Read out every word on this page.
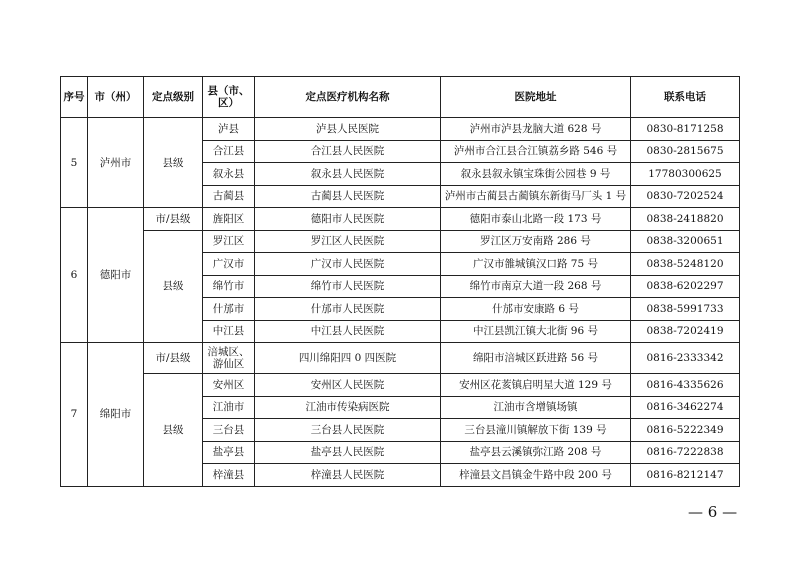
序号	市（州）	定点级别	县（市、区）	定点医疗机构名称	医院地址	联系电话
5	泸州市	县级	泸县	泸县人民医院	泸州市泸县龙脑大道 628 号	0830-8171258
			合江县	合江县人民医院	泸州市合江县合江镇荔乡路 546 号	0830-2815675
			叙永县	叙永县人民医院	叙永县叙永镇宝珠街公园巷 9 号	17780300625
			古蔺县	古蔺县人民医院	泸州市古蔺县古蔺镇东新街马厂头 1 号	0830-7202524
6	德阳市	市/县级	旌阳区	德阳市人民医院	德阳市泰山北路一段 173 号	0838-2418820
		县级	罗江区	罗江区人民医院	罗江区万安南路 286 号	0838-3200651
			广汉市	广汉市人民医院	广汉市雒城镇汉口路 75 号	0838-5248120
			绵竹市	绵竹市人民医院	绵竹市南京大道一段 268 号	0838-6202297
			什邡市	什邡市人民医院	什邡市安康路 6 号	0838-5991733
			中江县	中江县人民医院	中江县凯江镇大北街 96 号	0838-7202419
7	绵阳市	市/县级	涪城区、游仙区	四川绵阳四 0 四医院	绵阳市涪城区跃进路 56 号	0816-2333342
		县级	安州区	安州区人民医院	安州区花荄镇启明星大道 129 号	0816-4335626
			江油市	江油市传染病医院	江油市含增镇场镇	0816-3462274
			三台县	三台县人民医院	三台县潼川镇解放下街 139 号	0816-5222349
			盐亭县	盐亭县人民医院	盐亭县云溪镇弥江路 208 号	0816-7222838
			梓潼县	梓潼县人民医院	梓潼县文昌镇金牛路中段 200 号	0816-8212147
— 6 —
